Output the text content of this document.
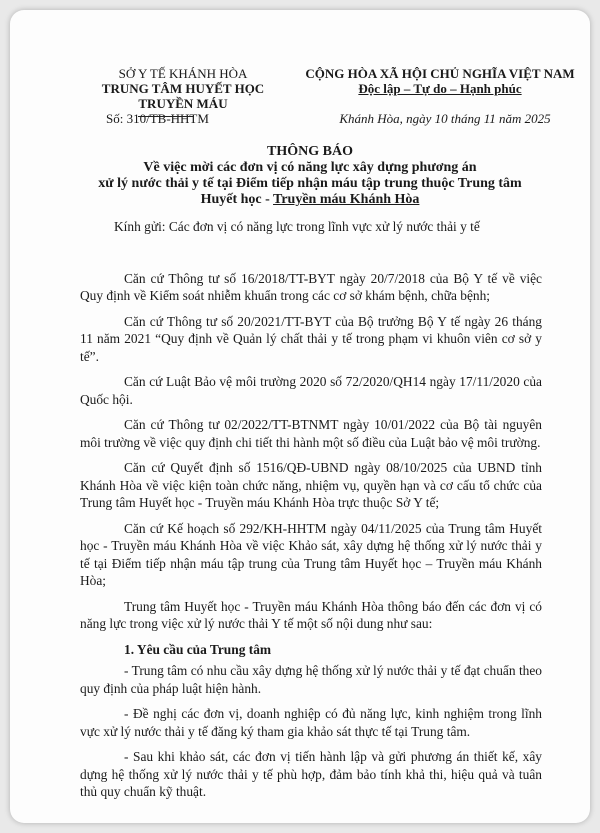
SỞ Y TẾ KHÁNH HÒA
TRUNG TÂM HUYẾT HỌC
TRUYỀN MÁU
Số: 310/TB-HHTM
CỘNG HÒA XÃ HỘI CHỦ NGHĨA VIỆT NAM
Độc lập – Tự do – Hạnh phúc
Khánh Hòa, ngày 10 tháng 11 năm 2025
THÔNG BÁO
Về việc mời các đơn vị có năng lực xây dựng phương án
xử lý nước thải y tế tại Điểm tiếp nhận máu tập trung thuộc Trung tâm
Huyết học - Truyền máu Khánh Hòa

Kính gửi: Các đơn vị có năng lực trong lĩnh vực xử lý nước thải y tế

Căn cứ Thông tư số 16/2018/TT-BYT ngày 20/7/2018 của Bộ Y tế về việc Quy định về Kiểm soát nhiễm khuẩn trong các cơ sở khám bệnh, chữa bệnh;

Căn cứ Thông tư số 20/2021/TT-BYT của Bộ trưởng Bộ Y tế ngày 26 tháng 11 năm 2021 “Quy định về Quản lý chất thải y tế trong phạm vi khuôn viên cơ sở y tế”.

Căn cứ Luật Bảo vệ môi trường 2020 số 72/2020/QH14 ngày 17/11/2020 của Quốc hội.

Căn cứ Thông tư 02/2022/TT-BTNMT ngày 10/01/2022 của Bộ tài nguyên môi trường về việc quy định chi tiết thi hành một số điều của Luật bảo vệ môi trường.

Căn cứ Quyết định số 1516/QĐ-UBND ngày 08/10/2025 của UBND tỉnh Khánh Hòa về việc kiện toàn chức năng, nhiệm vụ, quyền hạn và cơ cấu tổ chức của Trung tâm Huyết học - Truyền máu Khánh Hòa trực thuộc Sở Y tế;

Căn cứ Kế hoạch số 292/KH-HHTM ngày 04/11/2025 của Trung tâm Huyết học - Truyền máu Khánh Hòa về việc Khảo sát, xây dựng hệ thống xử lý nước thải y tế tại Điểm tiếp nhận máu tập trung của Trung tâm Huyết học – Truyền máu Khánh Hòa;

Trung tâm Huyết học - Truyền máu Khánh Hòa thông báo đến các đơn vị có năng lực trong việc xử lý nước thải Y tế một số nội dung như sau:

1. Yêu cầu của Trung tâm

- Trung tâm có nhu cầu xây dựng hệ thống xử lý nước thải y tế đạt chuẩn theo quy định của pháp luật hiện hành.

- Đề nghị các đơn vị, doanh nghiệp có đủ năng lực, kinh nghiệm trong lĩnh vực xử lý nước thải y tế đăng ký tham gia khảo sát thực tế tại Trung tâm.

- Sau khi khảo sát, các đơn vị tiến hành lập và gửi phương án thiết kế, xây dựng hệ thống xử lý nước thải y tế phù hợp, đảm bảo tính khả thi, hiệu quả và tuân thủ quy chuẩn kỹ thuật.
